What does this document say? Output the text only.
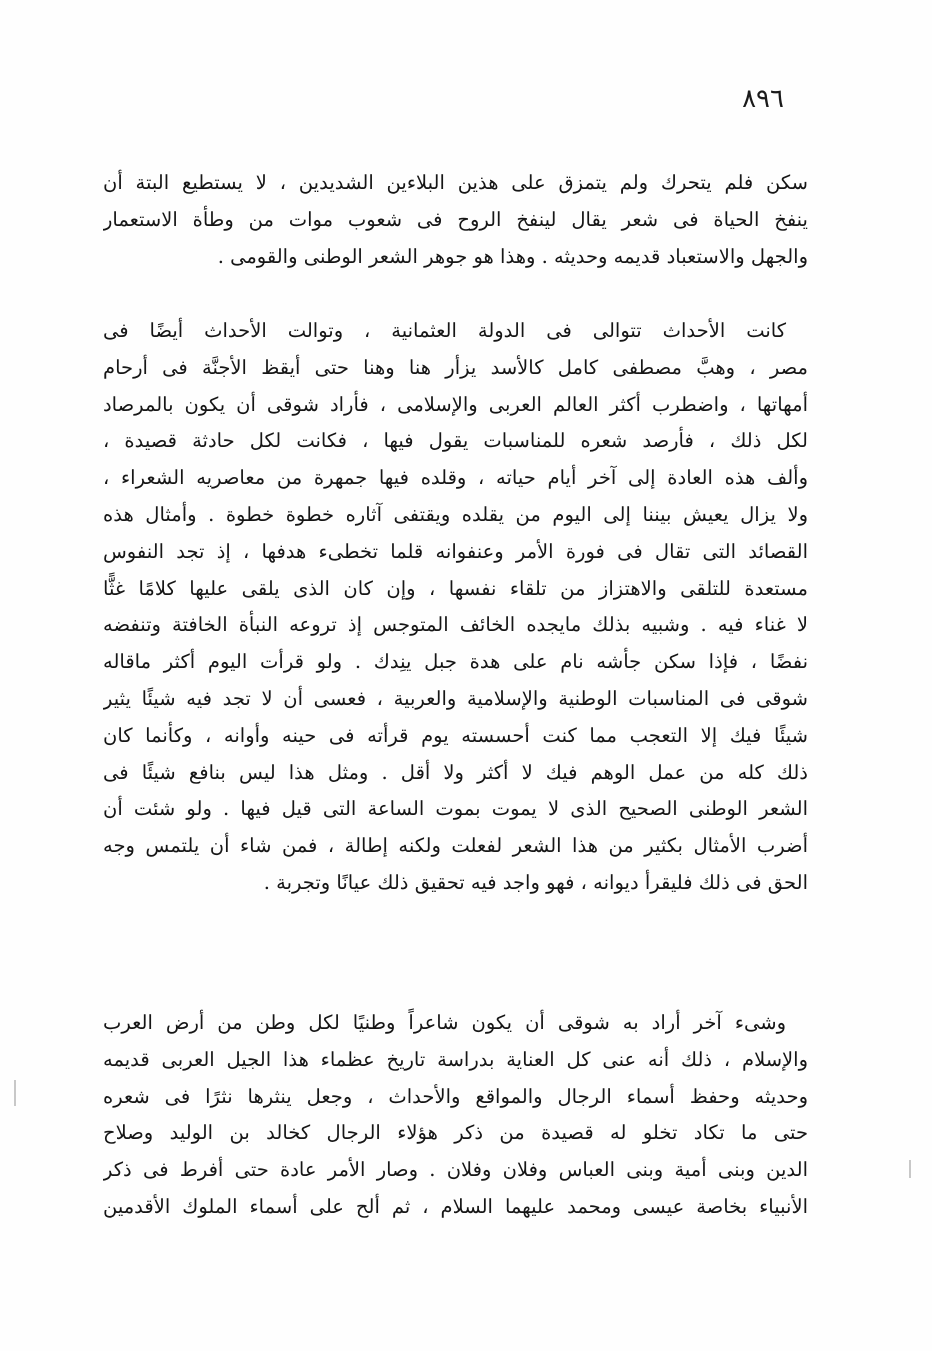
٨٩٦
سكن فلم يتحرك ولم يتمزق على هذين البلاءين الشديدين ، لا يستطيع البتة أن
ينفخ الحياة فى شعر يقال لينفخ الروح فى شعوب موات من وطأة الاستعمار
والجهل والاستعباد قديمه وحديثه . وهذا هو جوهر الشعر الوطنى والقومى .
كانت الأحداث تتوالى فى الدولة العثمانية ، وتوالت الأحداث أيضًا فى
مصر ، وهبَّ مصطفى كامل كالأسد يزأر هنا وهنا حتى أيقظ الأجنَّة فى أرحام
أمهاتها ، واضطرب أكثر العالم العربى والإسلامى ، فأراد شوقى أن يكون بالمرصاد
لكل ذلك ، فأرصد شعره للمناسبات يقول فيها ، فكانت لكل حادثة قصيدة ،
وألف هذه العادة إلى آخر أيام حياته ، وقلده فيها جمهرة من معاصريه الشعراء ،
ولا يزال يعيش بيننا إلى اليوم من يقلده ويقتفى آثاره خطوة خطوة . وأمثال هذه
القصائد التى تقال فى فورة الأمر وعنفوانه قلما تخطىء هدفها ، إذ تجد النفوس
مستعدة للتلقى والاهتزاز من تلقاء نفسها ، وإن كان الذى يلقى عليها كلامًا غثًّا
لا غناء فيه . وشبيه بذلك مايجده الخائف المتوجس إذ تروعه النبأة الخافتة وتنفضه
نفضًا ، فإذا سكن جأشه نام على هدة جبل ينِدك . ولو قرأت اليوم أكثر ماقاله
شوقى فى المناسبات الوطنية والإسلامية والعربية ، فعسى أن لا تجد فيه شيئًا يثير
شيئًا فيك إلا التعجب مما كنت أحسسته يوم قرأته فى حينه وأوانه ، وكأنما كان
ذلك كله من عمل الوهم فيك لا أكثر ولا أقل . ومثل هذا ليس بنافع شيئًا فى
الشعر الوطنى الصحيح الذى لا يموت بموت الساعة التى قيل فيها . ولو شئت أن
أضرب الأمثال بكثير من هذا الشعر لفعلت ولكنه إطالة ، فمن شاء أن يلتمس وجه
الحق فى ذلك فليقرأ ديوانه ، فهو واجد فيه تحقيق ذلك عيانًا وتجربة .
وشىء آخر أراد به شوقى أن يكون شاعراً وطنيًا لكل وطن من أرض العرب
والإسلام ، ذلك أنه عنى كل العناية بدراسة تاريخ عظماء هذا الجيل العربى قديمه
وحديثه وحفظ أسماء الرجال والمواقع والأحداث ، وجعل ينثرها نثرًا فى شعره
حتى ما تكاد تخلو له قصيدة من ذكر هؤلاء الرجال كخالد بن الوليد وصلاح
الدين وبنى أمية وبنى العباس وفلان وفلان . وصار الأمر عادة حتى أفرط فى ذكر
الأنبياء بخاصة عيسى ومحمد عليهما السلام ، ثم ألح على أسماء الملوك الأقدمين
